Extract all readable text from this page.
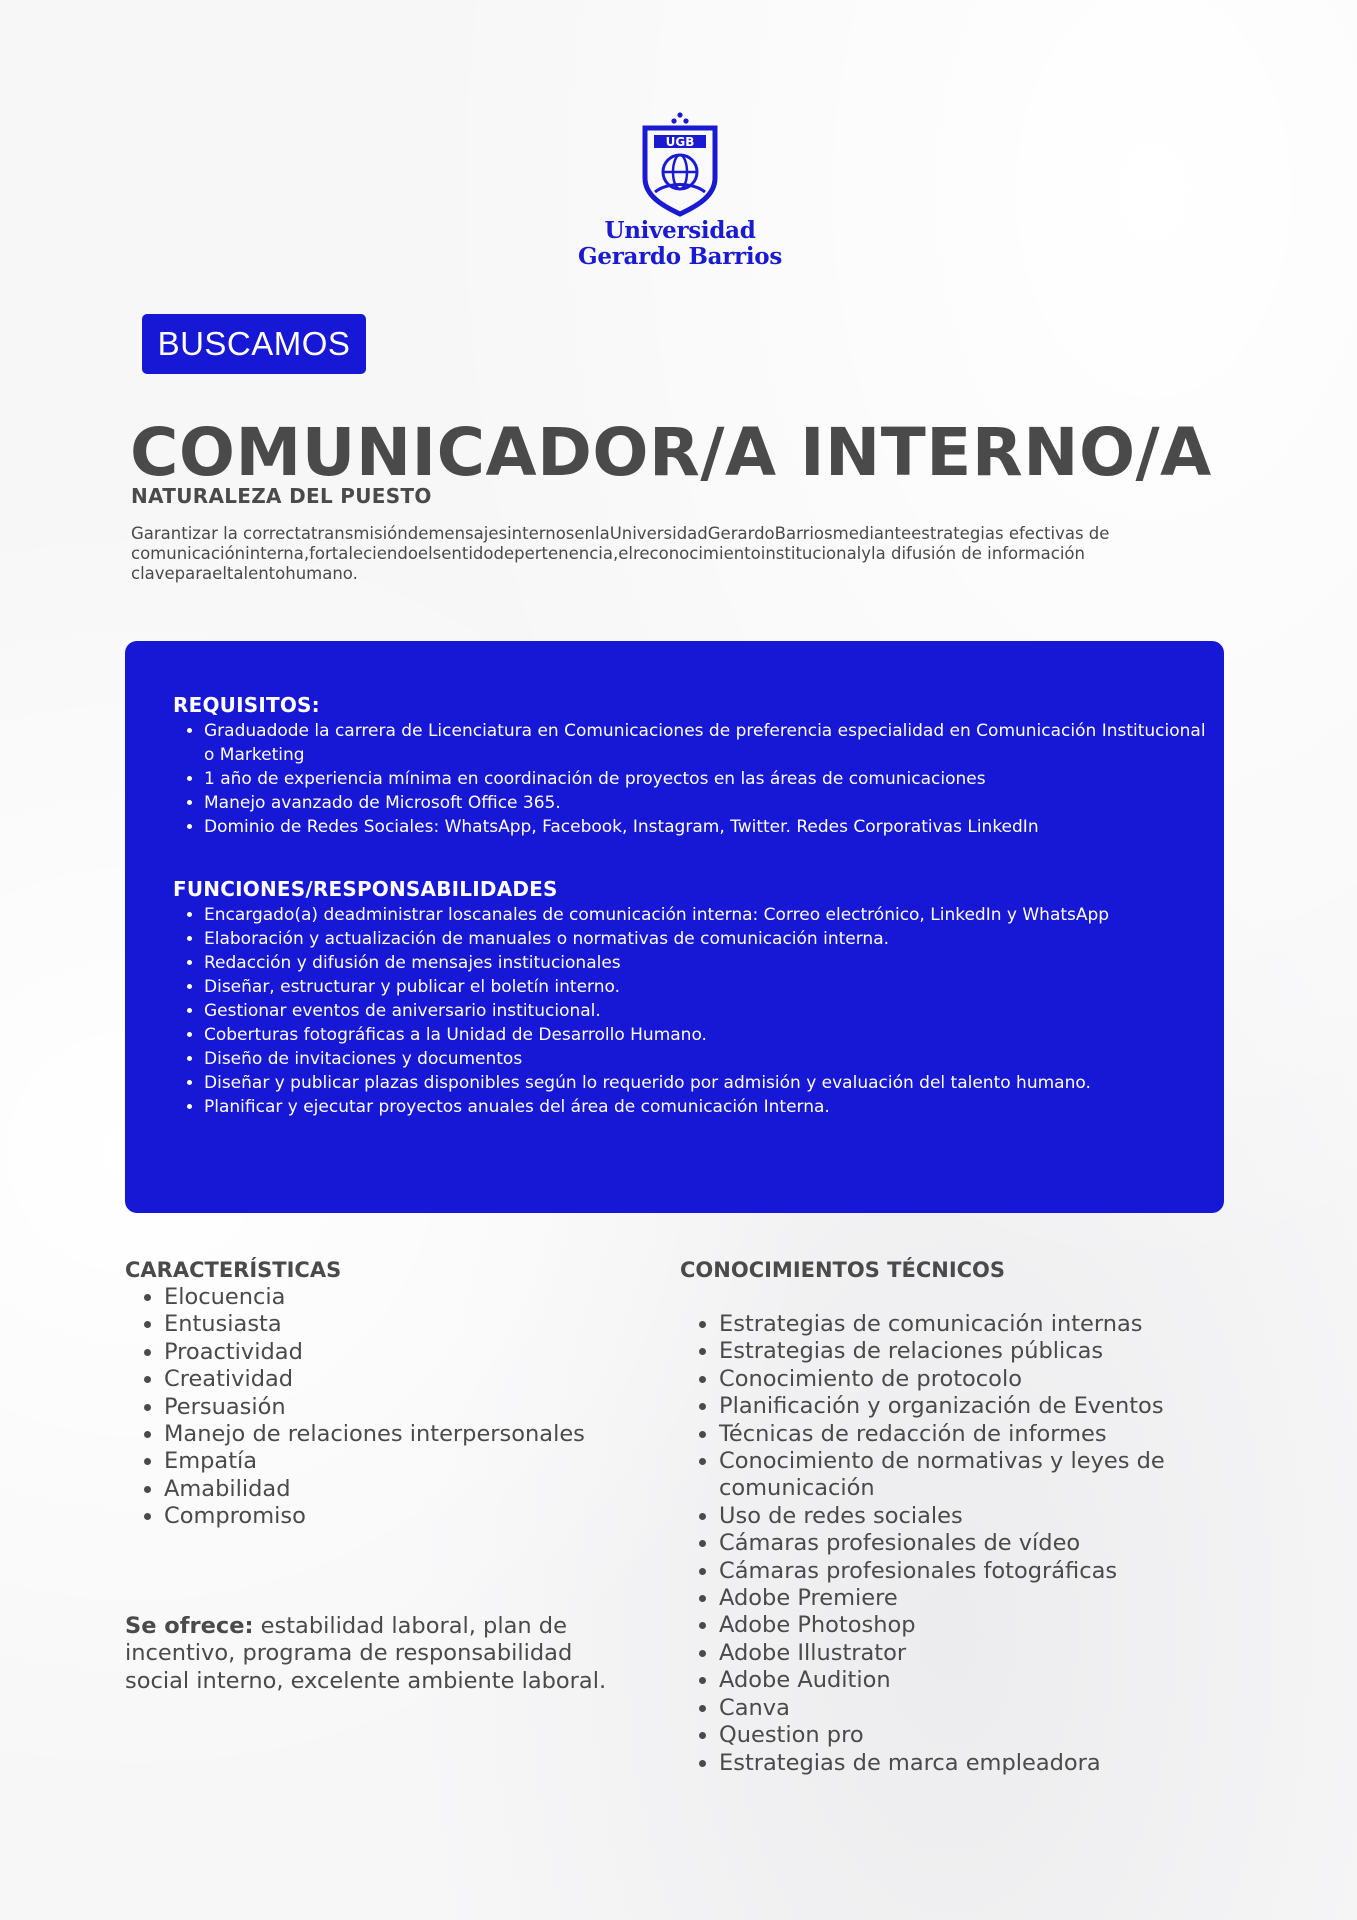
UGB
Universidad
Gerardo Barrios
BUSCAMOS
COMUNICADOR/A INTERNO/A
NATURALEZA DEL PUESTO

Garantizar la correctatransmisióndemensajesinternosenlaUniversidadGerardoBarriosmedianteestrategias efectivas de comunicacióninterna,fortaleciendoelsentidodepertenencia,elreconocimientoinstitucionalyla difusión de información claveparaeltalentohumano.

REQUISITOS:
• Graduadode la carrera de Licenciatura en Comunicaciones de preferencia especialidad en Comunicación Institucional o Marketing
• 1 año de experiencia mínima en coordinación de proyectos en las áreas de comunicaciones
• Manejo avanzado de Microsoft Office 365.
• Dominio de Redes Sociales: WhatsApp, Facebook, Instagram, Twitter. Redes Corporativas LinkedIn
FUNCIONES/RESPONSABILIDADES
• Encargado(a) deadministrar loscanales de comunicación interna: Correo electrónico, LinkedIn y WhatsApp
• Elaboración y actualización de manuales o normativas de comunicación interna.
• Redacción y difusión de mensajes institucionales
• Diseñar, estructurar y publicar el boletín interno.
• Gestionar eventos de aniversario institucional.
• Coberturas fotográficas a la Unidad de Desarrollo Humano.
• Diseño de invitaciones y documentos
• Diseñar y publicar plazas disponibles según lo requerido por admisión y evaluación del talento humano.
• Planificar y ejecutar proyectos anuales del área de comunicación Interna.
CARACTERÍSTICAS
• Elocuencia
• Entusiasta
• Proactividad
• Creatividad
• Persuasión
• Manejo de relaciones interpersonales
• Empatía
• Amabilidad
• Compromiso
CONOCIMIENTOS TÉCNICOS
• Estrategias de comunicación internas
• Estrategias de relaciones públicas
• Conocimiento de protocolo
• Planificación y organización de Eventos
• Técnicas de redacción de informes
• Conocimiento de normativas y leyes de comunicación
• Uso de redes sociales
• Cámaras profesionales de vídeo
• Cámaras profesionales fotográficas
• Adobe Premiere
• Adobe Photoshop
• Adobe Illustrator
• Adobe Audition
• Canva
• Question pro
• Estrategias de marca empleadora

Se ofrece: estabilidad laboral, plan de incentivo, programa de responsabilidad social interno, excelente ambiente laboral.
